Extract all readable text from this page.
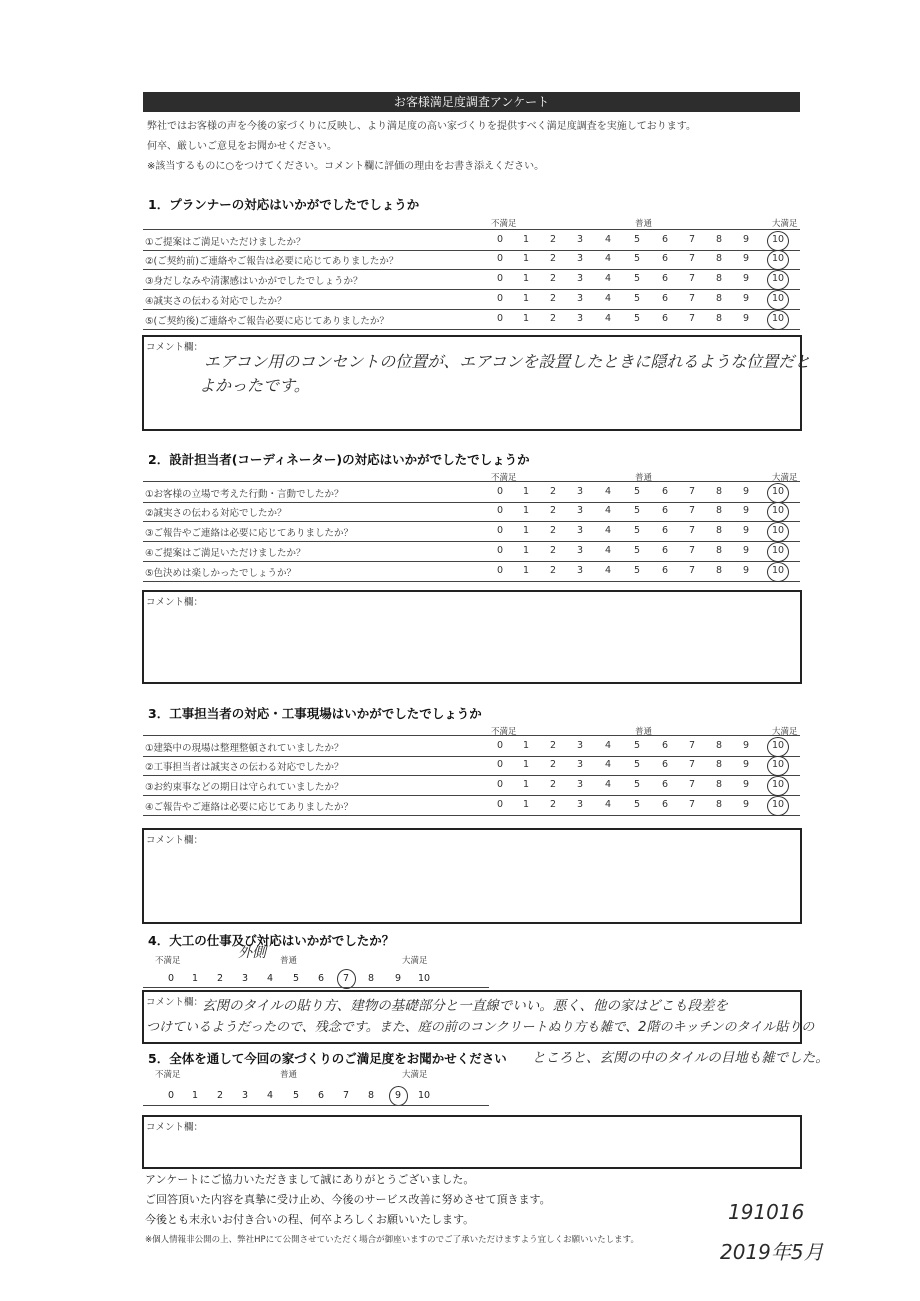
お客様満足度調査アンケート
弊社ではお客様の声を今後の家づくりに反映し、より満足度の高い家づくりを提供すべく満足度調査を実施しております。
何卒、厳しいご意見をお聞かせください。
※該当するものに○をつけてください。コメント欄に評価の理由をお書き添えください。
1．プランナーの対応はいかがでしたでしょうか
不満足	普通	大満足
①ご提案はご満足いただけましたか？	0	1	2	3	4	5	6	7	8	9	10
②(ご契約前)ご連絡やご報告は必要に応じてありましたか？	0	1	2	3	4	5	6	7	8	9	10
③身だしなみや清潔感はいかがでしたでしょうか？	0	1	2	3	4	5	6	7	8	9	10
④誠実さの伝わる対応でしたか？	0	1	2	3	4	5	6	7	8	9	10
⑤(ご契約後)ご連絡やご報告必要に応じてありましたか？	0	1	2	3	4	5	6	7	8	9	10
コメント欄：
エアコン用のコンセントの位置が、エアコンを設置したときに隠れるような位置だと
よかったです。
2．設計担当者(コーディネーター)の対応はいかがでしたでしょうか
不満足	普通	大満足
①お客様の立場で考えた行動・言動でしたか？	0	1	2	3	4	5	6	7	8	9	10
②誠実さの伝わる対応でしたか？	0	1	2	3	4	5	6	7	8	9	10
③ご報告やご連絡は必要に応じてありましたか？	0	1	2	3	4	5	6	7	8	9	10
④ご提案はご満足いただけましたか？	0	1	2	3	4	5	6	7	8	9	10
⑤色決めは楽しかったでしょうか？	0	1	2	3	4	5	6	7	8	9	10
コメント欄：
3．工事担当者の対応・工事現場はいかがでしたでしょうか
不満足	普通	大満足
①建築中の現場は整理整頓されていましたか？	0	1	2	3	4	5	6	7	8	9	10
②工事担当者は誠実さの伝わる対応でしたか？	0	1	2	3	4	5	6	7	8	9	10
③お約束事などの期日は守られていましたか？	0	1	2	3	4	5	6	7	8	9	10
④ご報告やご連絡は必要に応じてありましたか？	0	1	2	3	4	5	6	7	8	9	10
コメント欄：
4．大工の仕事及び対応はいかがでしたか？
不満足	普通	大満足
外側
0	1	2	3	4	5	6	7	8	9	10
コメント欄：
玄関のタイルの貼り方、建物の基礎部分と一直線でいい。悪く、他の家はどこも段差を
つけているようだったので、残念です。また、庭の前のコンクリートぬり方も雑で、2階のキッチンのタイル貼りの
ところと、玄関の中のタイルの目地も雑でした。
5．全体を通して今回の家づくりのご満足度をお聞かせください
不満足	普通	大満足
0	1	2	3	4	5	6	7	8	9	10
コメント欄：
アンケートにご協力いただきまして誠にありがとうございました。
ご回答頂いた内容を真摯に受け止め、今後のサービス改善に努めさせて頂きます。
今後とも末永いお付き合いの程、何卒よろしくお願いいたします。
※個人情報非公開の上、弊社HPにて公開させていただく場合が御座いますのでご了承いただけますよう宜しくお願いいたします。
191016
2019年5月
